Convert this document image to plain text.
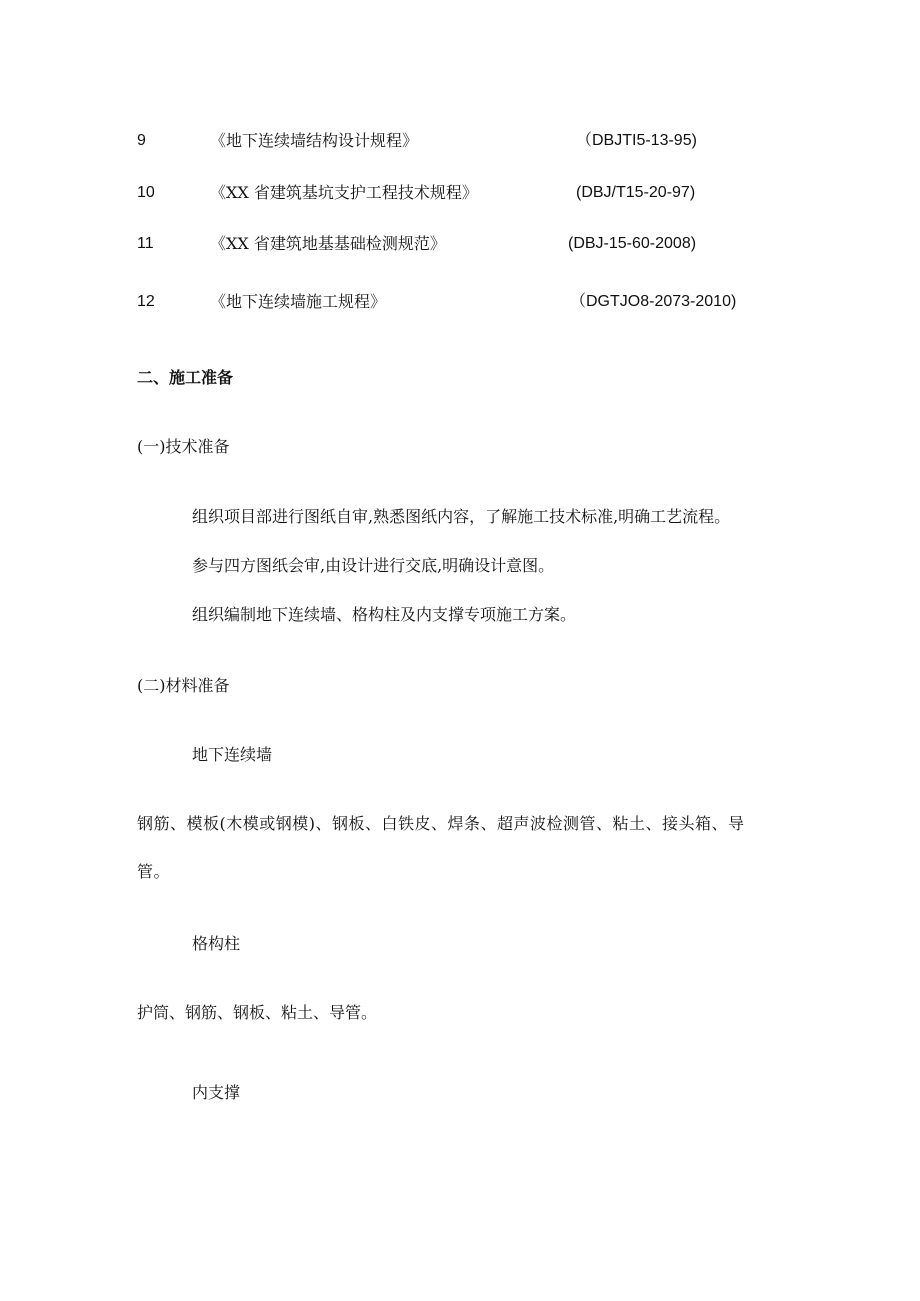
9	《地下连续墙结构设计规程》	（DBJTI5-13-95)
10	《XX 省建筑基坑支护工程技术规程》	(DBJ/T15-20-97)
11	《XX 省建筑地基基础检测规范》	(DBJ-15-60-2008)
12	《地下连续墙施工规程》	（DGTJO8-2073-2010)
二、施工准备
(一)技术准备
组织项目部进行图纸自审,熟悉图纸内容，了解施工技术标准,明确工艺流程。
参与四方图纸会审,由设计进行交底,明确设计意图。
组织编制地下连续墙、格构柱及内支撑专项施工方案。
(二)材料准备
地下连续墙
钢筋、模板(木模或钢模)、钢板、白铁皮、焊条、超声波检测管、粘土、接头箱、导管。
格构柱
护筒、钢筋、钢板、粘土、导管。
内支撑
